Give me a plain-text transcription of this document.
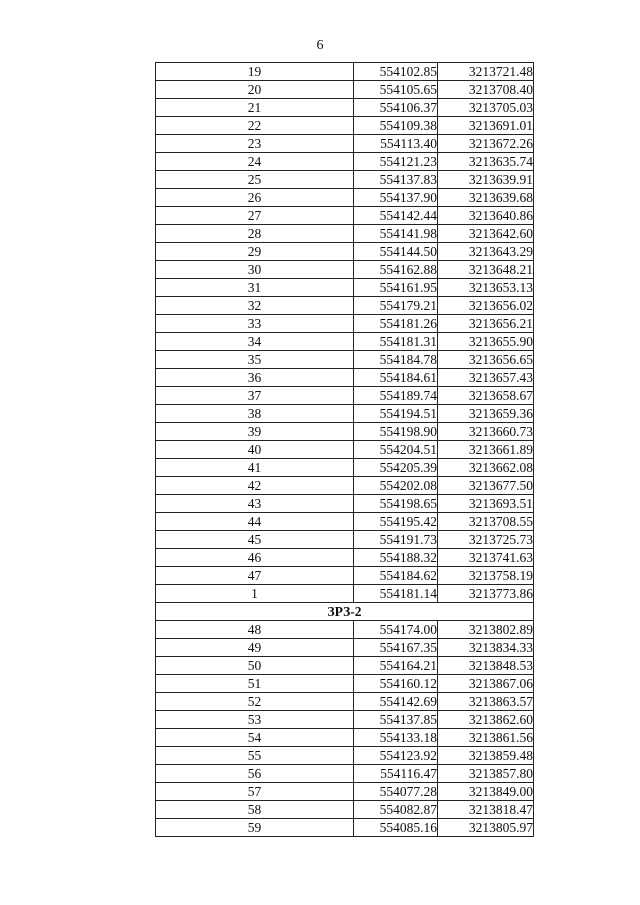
6
19	554102.85	3213721.48
20	554105.65	3213708.40
21	554106.37	3213705.03
22	554109.38	3213691.01
23	554113.40	3213672.26
24	554121.23	3213635.74
25	554137.83	3213639.91
26	554137.90	3213639.68
27	554142.44	3213640.86
28	554141.98	3213642.60
29	554144.50	3213643.29
30	554162.88	3213648.21
31	554161.95	3213653.13
32	554179.21	3213656.02
33	554181.26	3213656.21
34	554181.31	3213655.90
35	554184.78	3213656.65
36	554184.61	3213657.43
37	554189.74	3213658.67
38	554194.51	3213659.36
39	554198.90	3213660.73
40	554204.51	3213661.89
41	554205.39	3213662.08
42	554202.08	3213677.50
43	554198.65	3213693.51
44	554195.42	3213708.55
45	554191.73	3213725.73
46	554188.32	3213741.63
47	554184.62	3213758.19
1	554181.14	3213773.86
ЗРЗ-2		
48	554174.00	3213802.89
49	554167.35	3213834.33
50	554164.21	3213848.53
51	554160.12	3213867.06
52	554142.69	3213863.57
53	554137.85	3213862.60
54	554133.18	3213861.56
55	554123.92	3213859.48
56	554116.47	3213857.80
57	554077.28	3213849.00
58	554082.87	3213818.47
59	554085.16	3213805.97
